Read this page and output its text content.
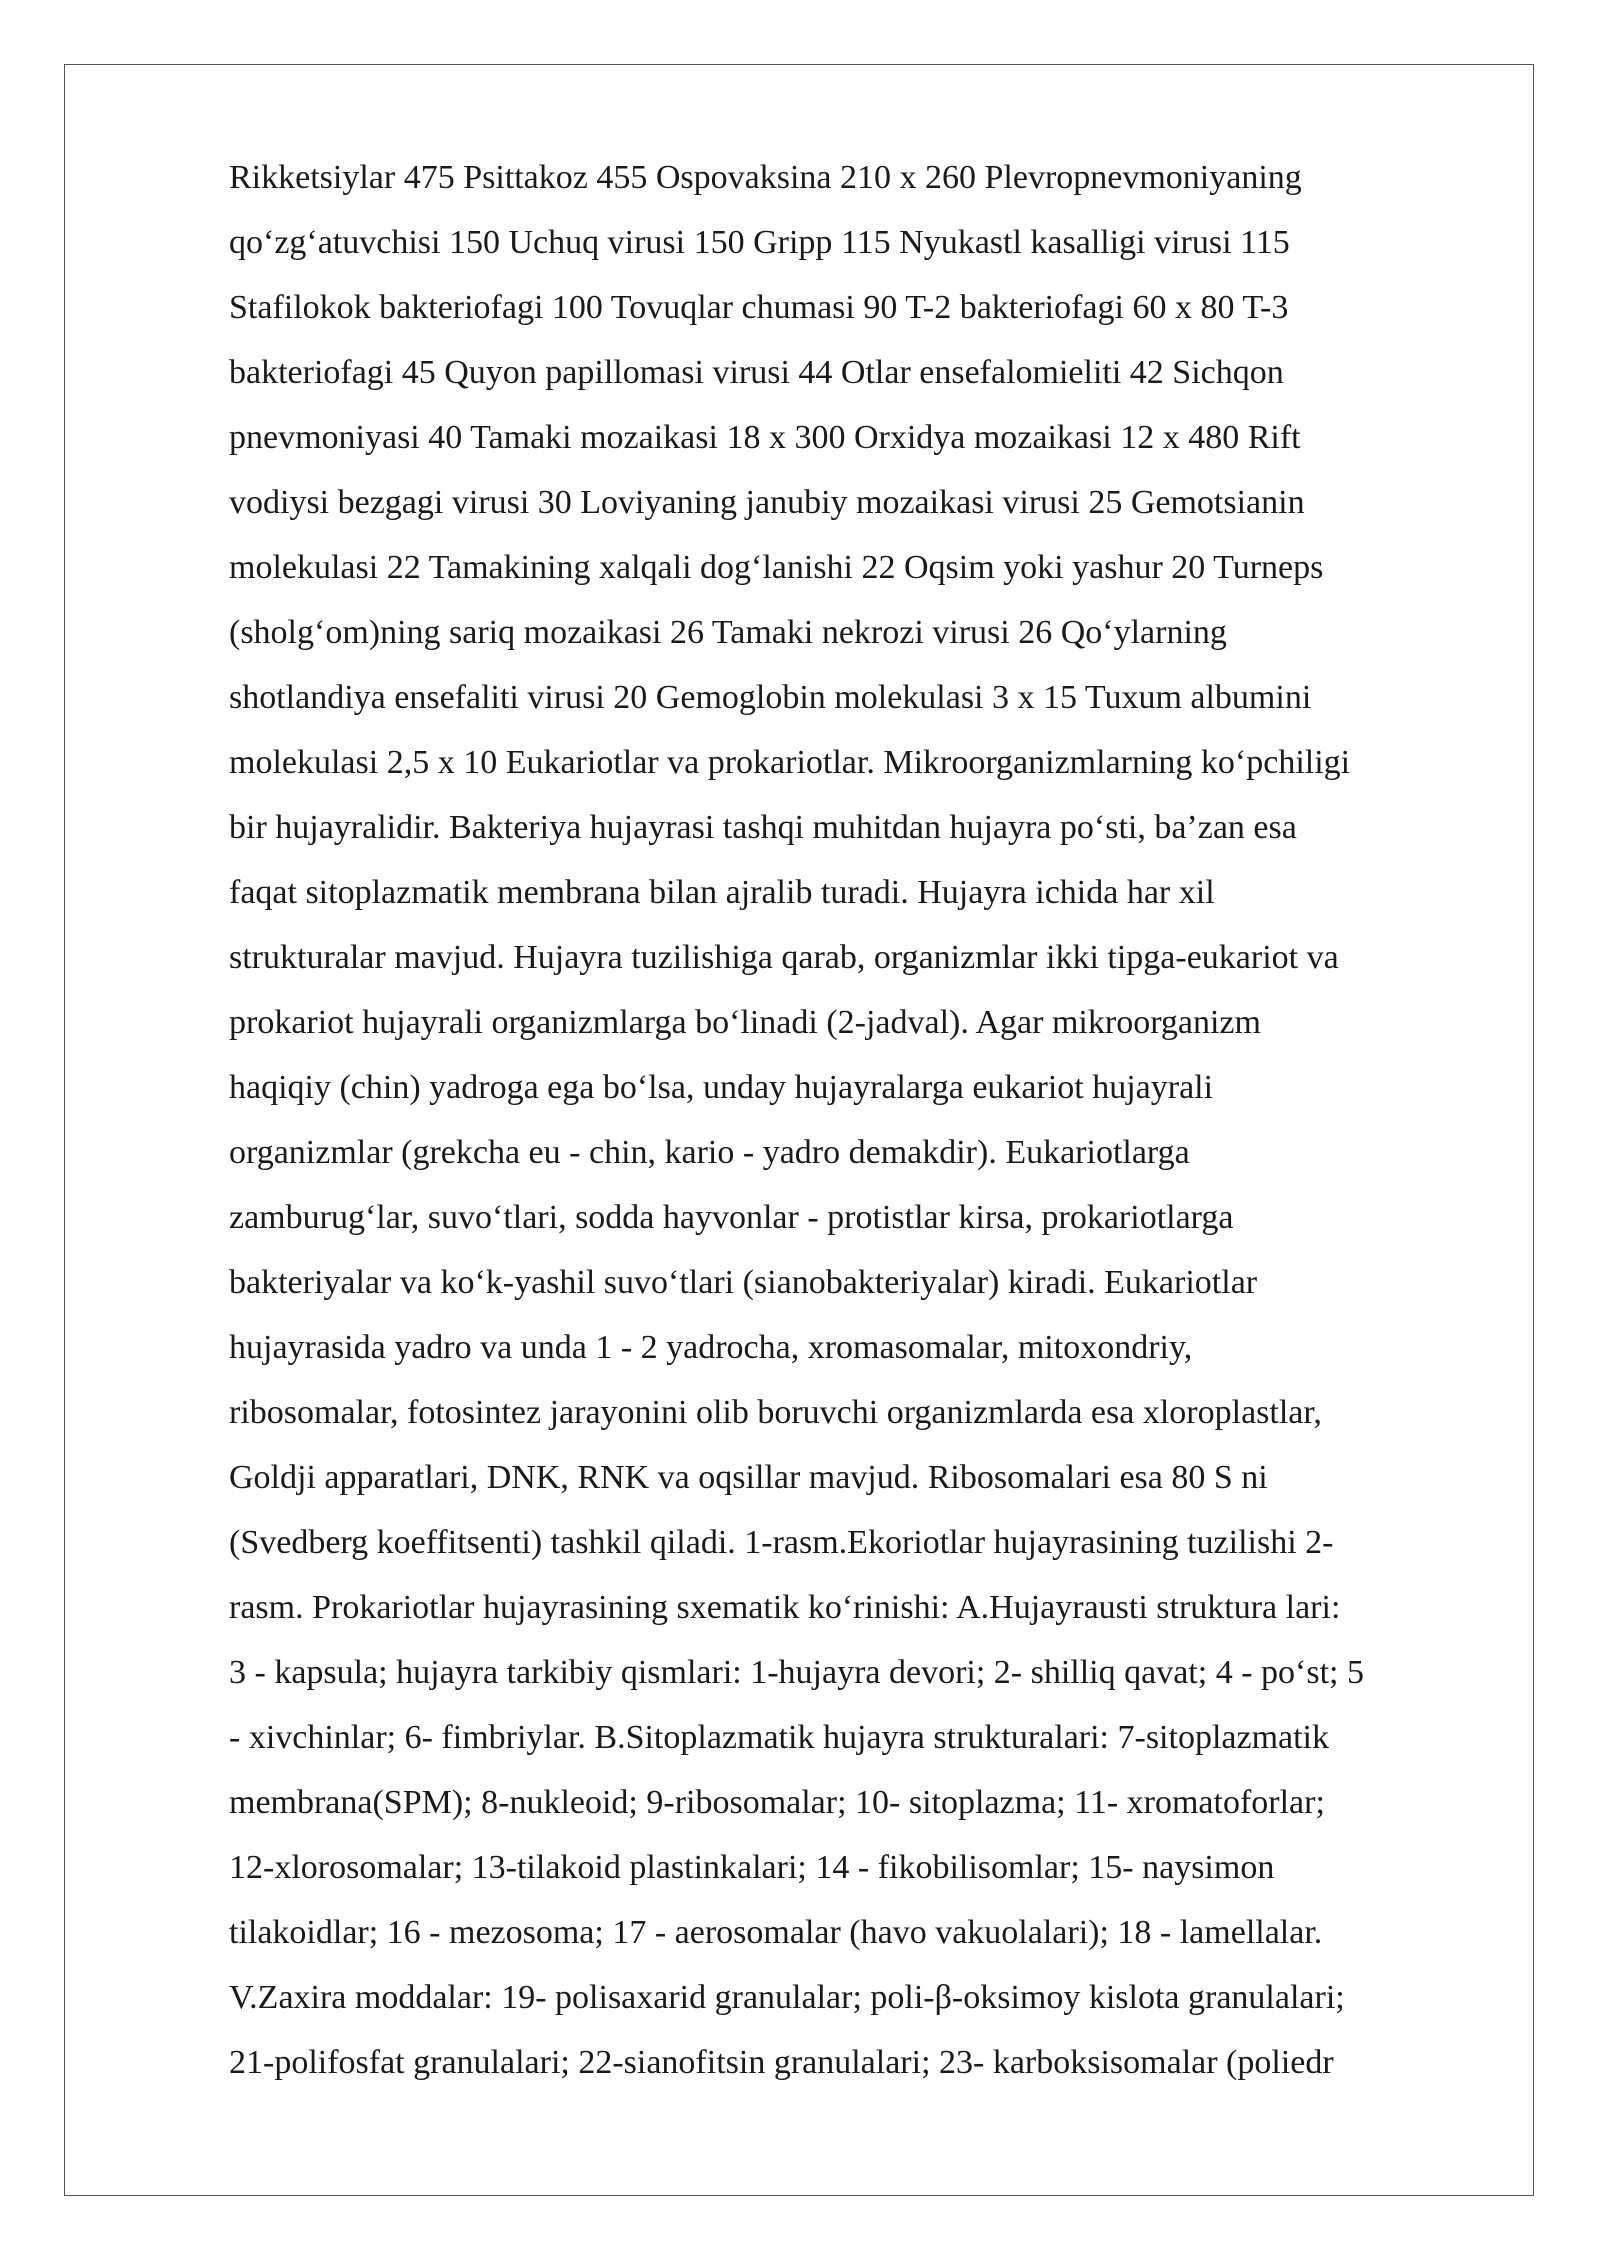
Rikketsiylar 475 Psittakoz 455 Ospovaksina 210 x 260 Plevropnevmoniyaning
qo‘zg‘atuvchisi 150 Uchuq virusi 150 Gripp 115 Nyukastl kasalligi virusi 115
Stafilokok bakteriofagi 100 Tovuqlar chumasi 90 T-2 bakteriofagi 60 x 80 T-3
bakteriofagi 45 Quyon papillomasi virusi 44 Otlar ensefalomieliti 42 Sichqon
pnevmoniyasi 40 Tamaki mozaikasi 18 x 300 Orxidya mozaikasi 12 x 480 Rift
vodiysi bezgagi virusi 30 Loviyaning janubiy mozaikasi virusi 25 Gemotsianin
molekulasi 22 Tamakining xalqali dog‘lanishi 22 Oqsim yoki yashur 20 Turneps
(sholg‘om)ning sariq mozaikasi 26 Tamaki nekrozi virusi 26 Qo‘ylarning
shotlandiya ensefaliti virusi 20 Gemoglobin molekulasi 3 x 15 Tuxum albumini
molekulasi 2,5 x 10 Eukariotlar va prokariotlar. Mikroorganizmlarning ko‘pchiligi
bir hujayralidir. Bakteriya hujayrasi tashqi muhitdan hujayra po‘sti, ba’zan esa
faqat sitoplazmatik membrana bilan ajralib turadi. Hujayra ichida har xil
strukturalar mavjud. Hujayra tuzilishiga qarab, organizmlar ikki tipga-eukariot va
prokariot hujayrali organizmlarga bo‘linadi (2-jadval). Agar mikroorganizm
haqiqiy (chin) yadroga ega bo‘lsa, unday hujayralarga eukariot hujayrali
organizmlar (grekcha eu - chin, kario - yadro demakdir). Eukariotlarga
zamburug‘lar, suvo‘tlari, sodda hayvonlar - protistlar kirsa, prokariotlarga
bakteriyalar va ko‘k-yashil suvo‘tlari (sianobakteriyalar) kiradi. Eukariotlar
hujayrasida yadro va unda 1 - 2 yadrocha, xromasomalar, mitoxondriy,
ribosomalar, fotosintez jarayonini olib boruvchi organizmlarda esa xloroplastlar,
Goldji apparatlari, DNK, RNK va oqsillar mavjud. Ribosomalari esa 80 S ni
(Svedberg koeffitsenti) tashkil qiladi. 1-rasm.Ekoriotlar hujayrasining tuzilishi 2-
rasm. Prokariotlar hujayrasining sxematik ko‘rinishi: A.Hujayrausti struktura lari:
3 - kapsula; hujayra tarkibiy qismlari: 1-hujayra devori; 2- shilliq qavat; 4 - po‘st; 5
- xivchinlar; 6- fimbriylar. B.Sitoplazmatik hujayra strukturalari: 7-sitoplazmatik
membrana(SPM); 8-nukleoid; 9-ribosomalar; 10- sitoplazma; 11- xromatoforlar;
12-xlorosomalar; 13-tilakoid plastinkalari; 14 - fikobilisomlar; 15- naysimon
tilakoidlar; 16 - mezosoma; 17 - aerosomalar (havo vakuolalari); 18 - lamellalar.
V.Zaxira moddalar: 19- polisaxarid granulalar; poli-β-oksimoy kislota granulalari;
21-polifosfat granulalari; 22-sianofitsin granulalari; 23- karboksisomalar (poliedr
